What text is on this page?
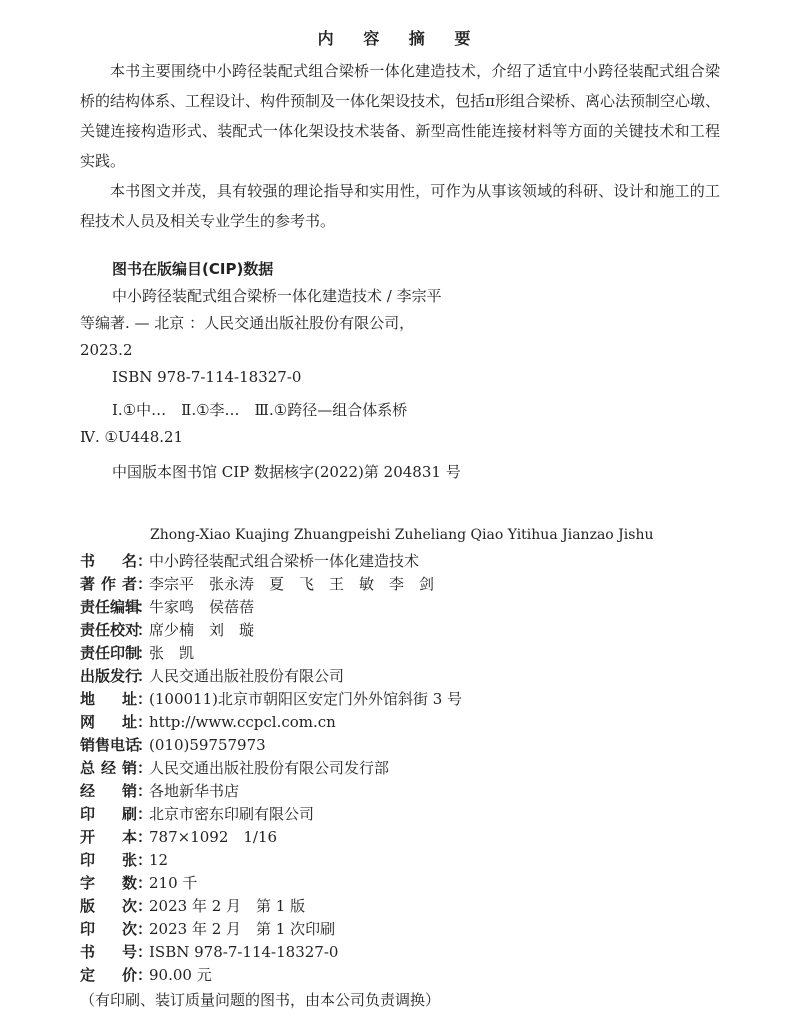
内 容 摘 要

本书主要围绕中小跨径装配式组合梁桥一体化建造技术，介绍了适宜中小跨径装配式组合梁桥的结构体系、工程设计、构件预制及一体化架设技术，包括π形组合梁桥、离心法预制空心墩、关键连接构造形式、装配式一体化架设技术装备、新型高性能连接材料等方面的关键技术和工程实践。

本书图文并茂，具有较强的理论指导和实用性，可作为从事该领域的科研、设计和施工的工程技术人员及相关专业学生的参考书。

图书在版编目(CIP)数据
中小跨径装配式组合梁桥一体化建造技术 / 李宗平
等编著. — 北京 ：人民交通出版社股份有限公司，
2023.2
ISBN 978-7-114-18327-0
Ⅰ.①中…　Ⅱ.①李…　Ⅲ.①跨径—组合体系桥
Ⅳ. ①U448.21
中国版本图书馆 CIP 数据核字(2022)第 204831 号
Zhong-Xiao Kuajing Zhuangpeishi Zuheliang Qiao Yitihua Jianzao Jishu
书名 ：
中小跨径装配式组合梁桥一体化建造技术
著作者 ：
李宗平　张永涛　夏　飞　王　敏　李　剑
责任编辑
：
牛家鸣　侯蓓蓓
责任校对
：
席少楠　刘　璇
责任印制
：
张　凯
出版发行
：
人民交通出版社股份有限公司
地址 ：
(100011)北京市朝阳区安定门外外馆斜街 3 号
网址 ：
http://www.ccpcl.com.cn
销售电话
：
(010)59757973
总经销 ：
人民交通出版社股份有限公司发行部
经销 ：
各地新华书店
印刷 ：
北京市密东印刷有限公司
开本 ：
787×1092　1/16
印张 ：
12
字数 ：
210 千
版次 ：
2023 年 2 月　第 1 版
印次 ：
2023 年 2 月　第 1 次印刷
书号 ：
ISBN 978-7-114-18327-0
定价 ：
90.00 元
（有印刷、装订质量问题的图书，由本公司负责调换）
